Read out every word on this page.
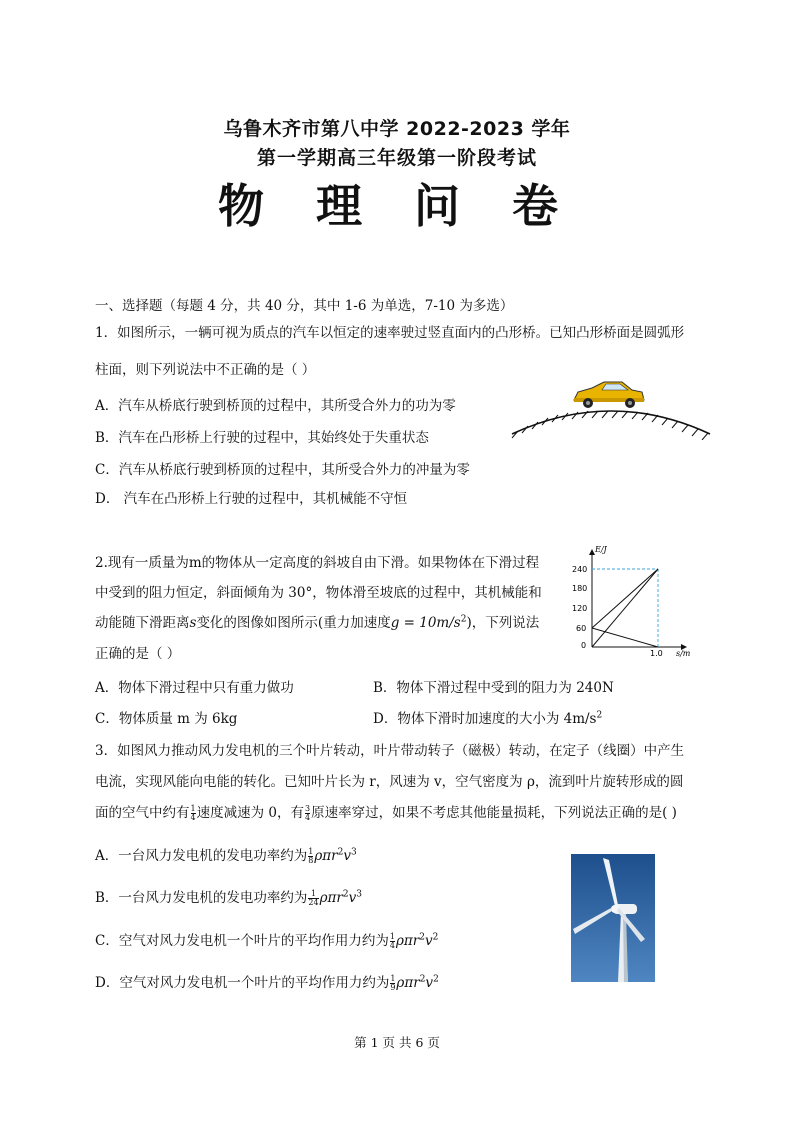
乌鲁木齐市第八中学 2022-2023 学年
第一学期高三年级第一阶段考试
物 理 问 卷
一、选择题（每题 4 分，共 40 分，其中 1-6 为单选，7-10 为多选）
1．如图所示，一辆可视为质点的汽车以恒定的速率驶过竖直面内的凸形桥。已知凸形桥面是圆弧形
柱面，则下列说法中不正确的是（ ）
A．汽车从桥底行驶到桥顶的过程中，其所受合外力的功为零
B．汽车在凸形桥上行驶的过程中，其始终处于失重状态
C．汽车从桥底行驶到桥顶的过程中，其所受合外力的冲量为零
D． 汽车在凸形桥上行驶的过程中，其机械能不守恒
2.现有一质量为m的物体从一定高度的斜坡自由下滑。如果物体在下滑过程
中受到的阻力恒定，斜面倾角为 30°，物体滑至坡底的过程中，其机械能和
动能随下滑距离s变化的图像如图所示(重力加速度$g = 10m/s^2$)，下列说法
正确的是（ ）
E/J
240
180
120
60
0
1.0 s/m
A．物体下滑过程中只有重力做功	B．物体下滑过程中受到的阻力为 240N
C．物体质量 m 为 6kg	D．物体下滑时加速度的大小为 $4m/s^2$
3．如图风力推动风力发电机的三个叶片转动，叶片带动转子（磁极）转动，在定子（线圈）中产生
电流，实现风能向电能的转化。已知叶片长为 r，风速为 v，空气密度为 ρ，流到叶片旋转形成的圆
面的空气中约有 $\frac{1}{4}$ 速度减速为 0，有 $\frac{3}{4}$ 原速率穿过，如果不考虑其他能量损耗，下列说法正确的是( )
A．一台风力发电机的发电功率约为 $\frac{1}{8} \rho\pi r^2v^3$
B．一台风力发电机的发电功率约为 $\frac{1}{24} \rho\pi r^2v^3$
C．空气对风力发电机一个叶片的平均作用力约为 $\frac{1}{4} \rho\pi r^2v^2$
D．空气对风力发电机一个叶片的平均作用力约为 $\frac{1}{9} \rho\pi r^2v^2$
第 1 页 共 6 页
